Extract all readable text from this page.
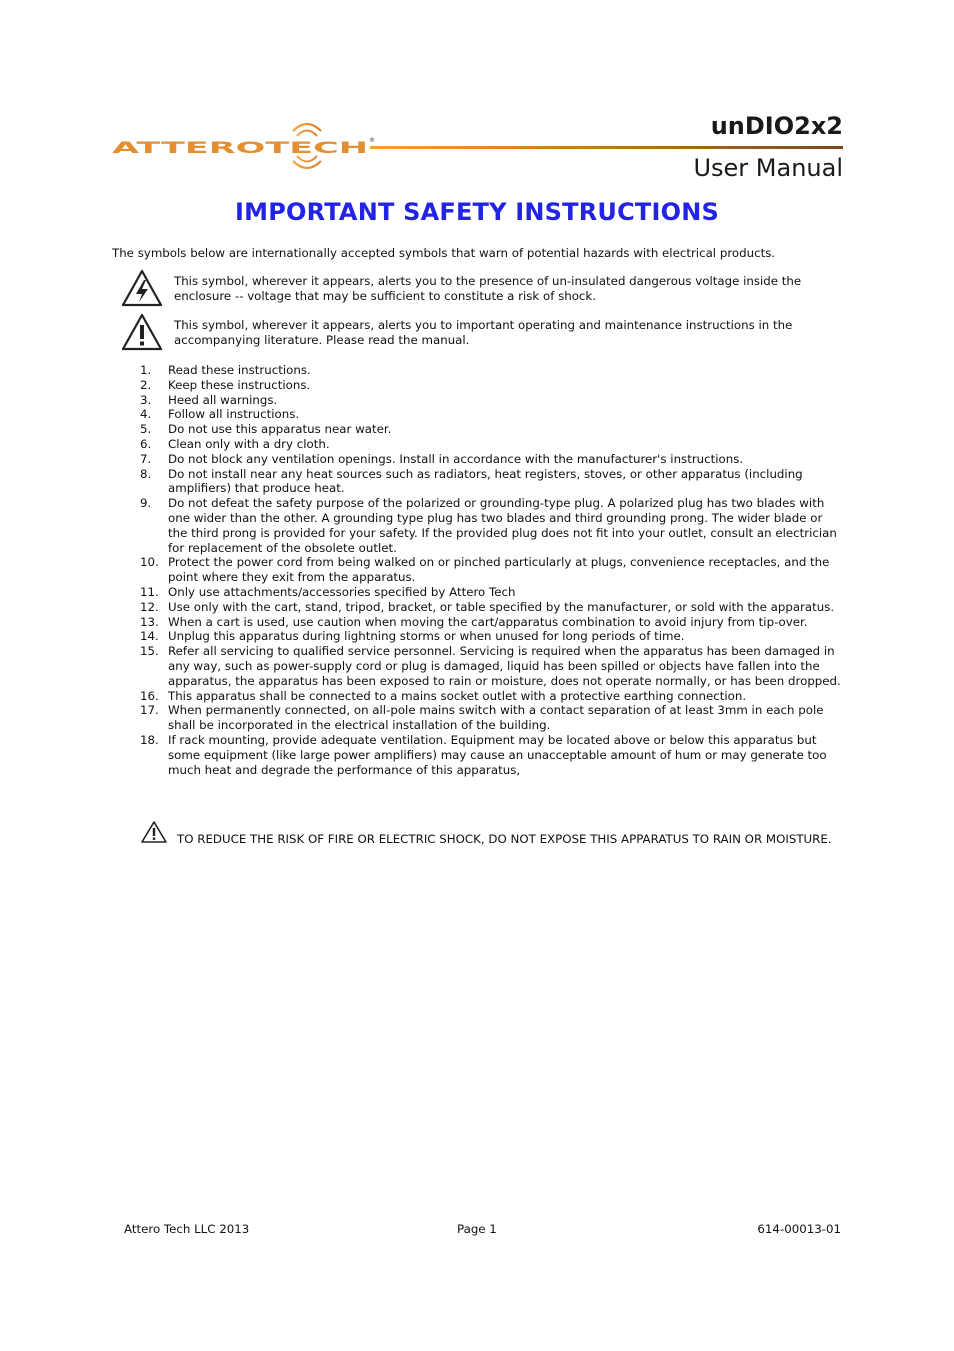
ATTEROTECH ®
unDIO2x2
User Manual
IMPORTANT SAFETY INSTRUCTIONS
The symbols below are internationally accepted symbols that warn of potential hazards with electrical products.
This symbol, wherever it appears, alerts you to the presence of un-insulated dangerous voltage inside the enclosure -- voltage that may be sufficient to constitute a risk of shock.
This symbol, wherever it appears, alerts you to important operating and maintenance instructions in the accompanying literature. Please read the manual.
1. Read these instructions.
2. Keep these instructions.
3. Heed all warnings.
4. Follow all instructions.
5. Do not use this apparatus near water.
6. Clean only with a dry cloth.
7. Do not block any ventilation openings. Install in accordance with the manufacturer's instructions.
8. Do not install near any heat sources such as radiators, heat registers, stoves, or other apparatus (including amplifiers) that produce heat.
9. Do not defeat the safety purpose of the polarized or grounding-type plug. A polarized plug has two blades with one wider than the other. A grounding type plug has two blades and third grounding prong. The wider blade or the third prong is provided for your safety. If the provided plug does not fit into your outlet, consult an electrician for replacement of the obsolete outlet.
10. Protect the power cord from being walked on or pinched particularly at plugs, convenience receptacles, and the point where they exit from the apparatus.
11. Only use attachments/accessories specified by Attero Tech
12. Use only with the cart, stand, tripod, bracket, or table specified by the manufacturer, or sold with the apparatus.
13. When a cart is used, use caution when moving the cart/apparatus combination to avoid injury from tip-over.
14. Unplug this apparatus during lightning storms or when unused for long periods of time.
15. Refer all servicing to qualified service personnel. Servicing is required when the apparatus has been damaged in any way, such as power-supply cord or plug is damaged, liquid has been spilled or objects have fallen into the apparatus, the apparatus has been exposed to rain or moisture, does not operate normally, or has been dropped.
16. This apparatus shall be connected to a mains socket outlet with a protective earthing connection.
17. When permanently connected, on all-pole mains switch with a contact separation of at least 3mm in each pole shall be incorporated in the electrical installation of the building.
18. If rack mounting, provide adequate ventilation. Equipment may be located above or below this apparatus but some equipment (like large power amplifiers) may cause an unacceptable amount of hum or may generate too much heat and degrade the performance of this apparatus,
TO REDUCE THE RISK OF FIRE OR ELECTRIC SHOCK, DO NOT EXPOSE THIS APPARATUS TO RAIN OR MOISTURE.
Attero Tech LLC 2013	Page 1	614-00013-01
